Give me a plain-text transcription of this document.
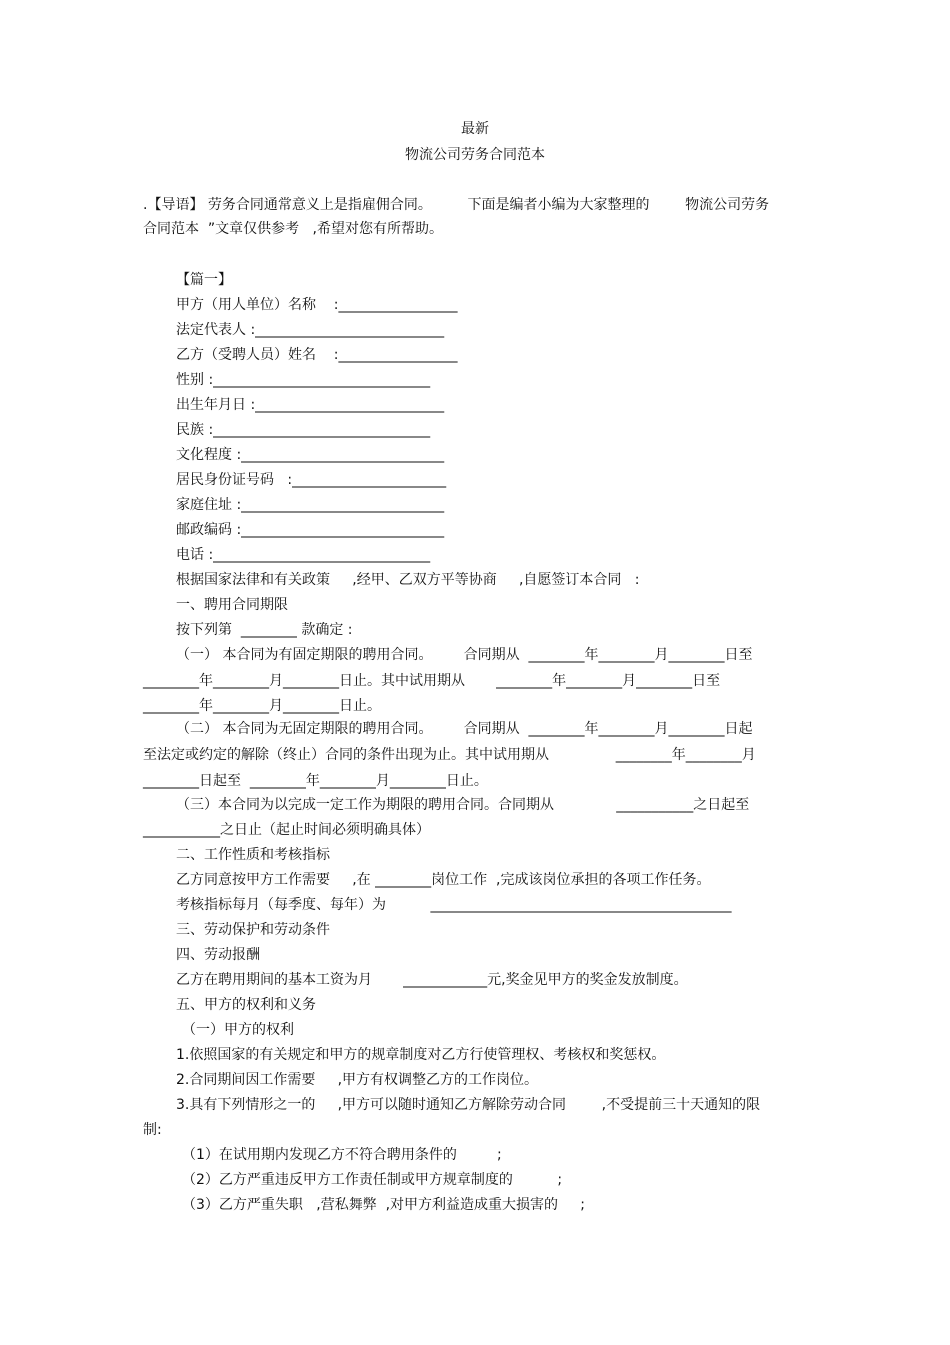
最新
物流公司劳务合同范本
.【导语】 劳务合同通常意义上是指雇佣合同。        下面是编者小编为大家整理的        物流公司劳务
合同范本  ”文章仅供参考   ,希望对您有所帮助。
【篇一】
甲方（用人单位）名称    :_________________
法定代表人 :___________________________
乙方（受聘人员）姓名    :_________________
性别 :_______________________________
出生年月日 :___________________________
民族 :_______________________________
文化程度 :_____________________________
居民身份证号码   :______________________
家庭住址 :_____________________________
邮政编码 :_____________________________
电话 :_______________________________
根据国家法律和有关政策     ,经甲、乙双方平等协商     ,自愿签订本合同   :
一、聘用合同期限
按下列第  ________ 款确定 :
（一） 本合同为有固定期限的聘用合同。       合同期从  ________年________月________日至
________年________月________日止。其中试用期从       ________年________月________日至
________年________月________日止。
（二） 本合同为无固定期限的聘用合同。       合同期从  ________年________月________日起
至法定或约定的解除（终止）合同的条件出现为止。其中试用期从               ________年________月
________日起至  ________年________月________日止。
（三）本合同为以完成一定工作为期限的聘用合同。合同期从              ___________之日起至
___________之日止（起止时间必须明确具体）
二、工作性质和考核指标
乙方同意按甲方工作需要     ,在 ________岗位工作  ,完成该岗位承担的各项工作任务。
考核指标每月（每季度、每年）为          ___________________________________________
三、劳动保护和劳动条件
四、劳动报酬
乙方在聘用期间的基本工资为月       ____________元,奖金见甲方的奖金发放制度。
五、甲方的权利和义务
（一）甲方的权利
1.依照国家的有关规定和甲方的规章制度对乙方行使管理权、考核权和奖惩权。
2.合同期间因工作需要     ,甲方有权调整乙方的工作岗位。
3.具有下列情形之一的     ,甲方可以随时通知乙方解除劳动合同        ,不受提前三十天通知的限
制:
（1）在试用期内发现乙方不符合聘用条件的         ;
（2）乙方严重违反甲方工作责任制或甲方规章制度的          ;
（3）乙方严重失职   ,营私舞弊  ,对甲方利益造成重大损害的     ;
